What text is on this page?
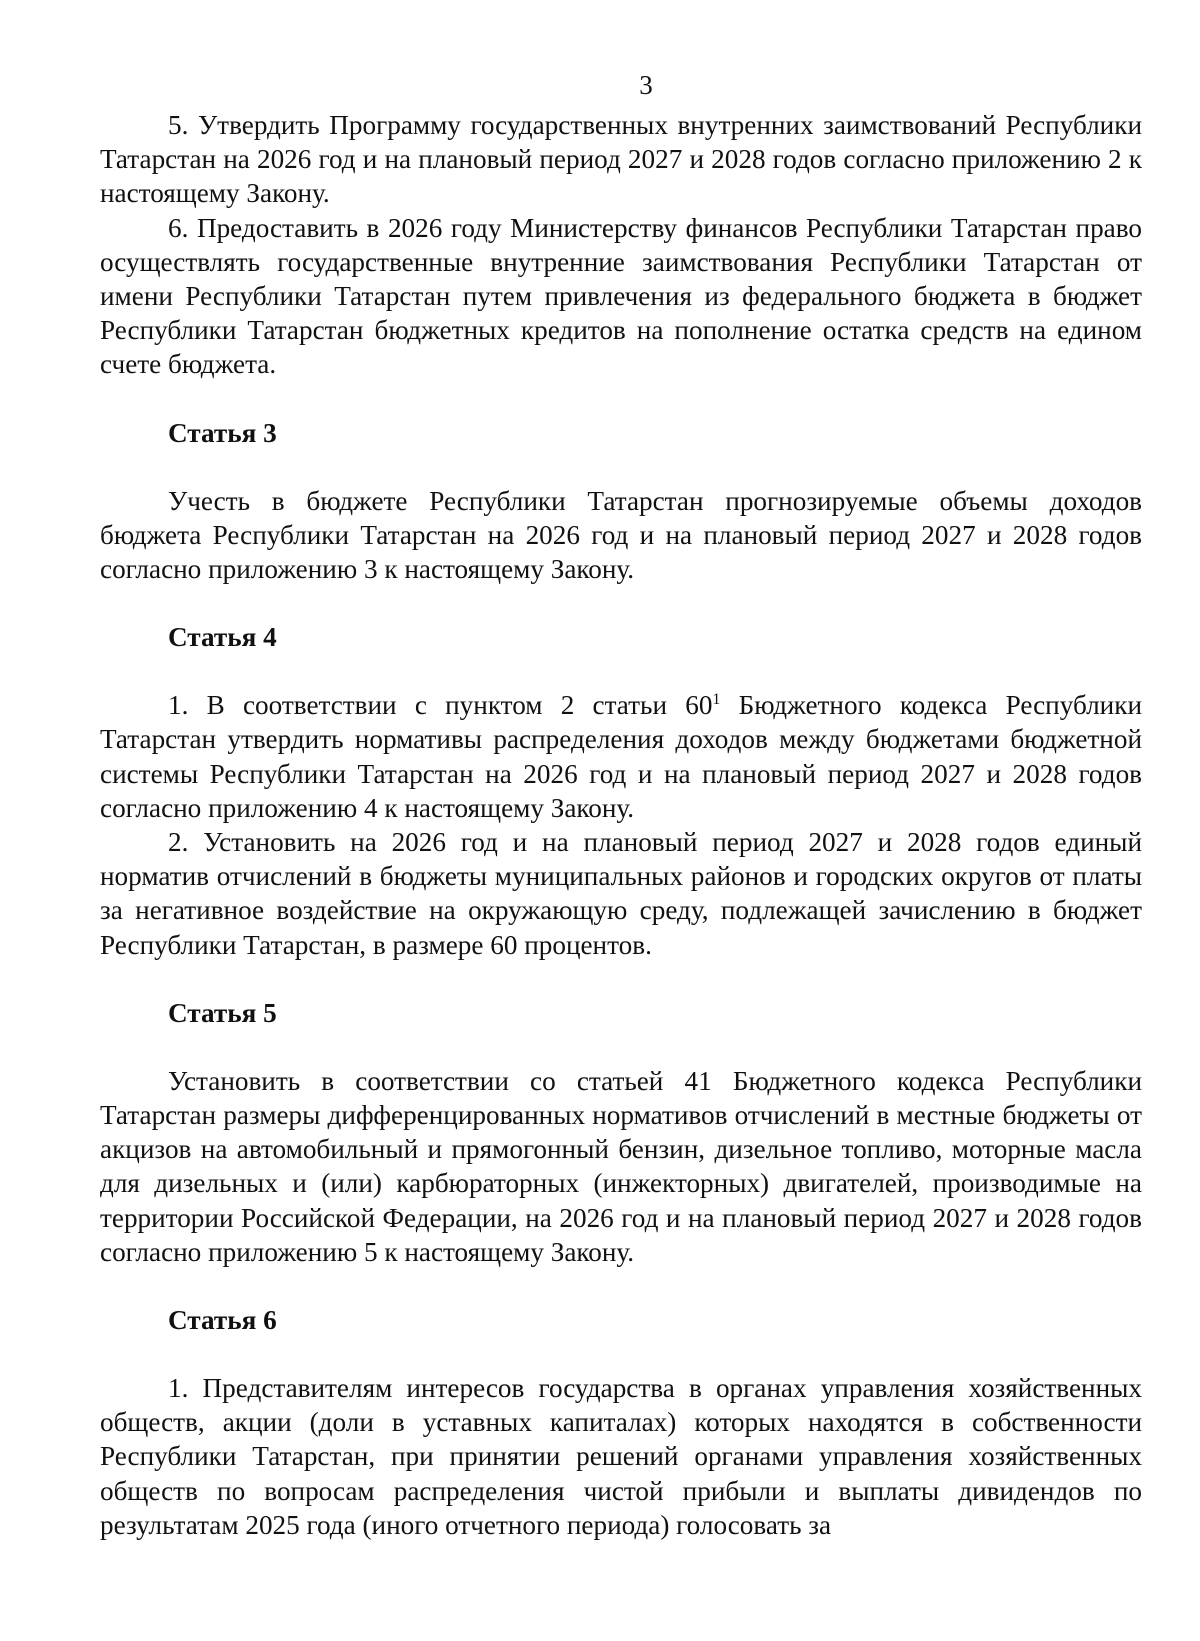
3

5. Утвердить Программу государственных внутренних заимствований Республики Татарстан на 2026 год и на плановый период 2027 и 2028 годов согласно приложению 2 к настоящему Закону.

6. Предоставить в 2026 году Министерству финансов Республики Татарстан право осуществлять государственные внутренние заимствования Республики Татарстан от имени Республики Татарстан путем привлечения из федерального бюджета в бюджет Республики Татарстан бюджетных кредитов на пополнение остатка средств на едином счете бюджета.

Статья 3

Учесть в бюджете Республики Татарстан прогнозируемые объемы доходов бюджета Республики Татарстан на 2026 год и на плановый период 2027 и 2028 годов согласно приложению 3 к настоящему Закону.

Статья 4

1. В соответствии с пунктом 2 статьи $60^1$ Бюджетного кодекса Республики Татарстан утвердить нормативы распределения доходов между бюджетами бюджетной системы Республики Татарстан на 2026 год и на плановый период 2027 и 2028 годов согласно приложению 4 к настоящему Закону.

2. Установить на 2026 год и на плановый период 2027 и 2028 годов единый норматив отчислений в бюджеты муниципальных районов и городских округов от платы за негативное воздействие на окружающую среду, подлежащей зачислению в бюджет Республики Татарстан, в размере 60 процентов.

Статья 5

Установить в соответствии со статьей 41 Бюджетного кодекса Республики Татарстан размеры дифференцированных нормативов отчислений в местные бюджеты от акцизов на автомобильный и прямогонный бензин, дизельное топливо, моторные масла для дизельных и (или) карбюраторных (инжекторных) двигателей, производимые на территории Российской Федерации, на 2026 год и на плановый период 2027 и 2028 годов согласно приложению 5 к настоящему Закону.

Статья 6

1. Представителям интересов государства в органах управления хозяйственных обществ, акции (доли в уставных капиталах) которых находятся в собственности Республики Татарстан, при принятии решений органами управления хозяйственных обществ по вопросам распределения чистой прибыли и выплаты дивидендов по результатам 2025 года (иного отчетного периода) голосовать за
